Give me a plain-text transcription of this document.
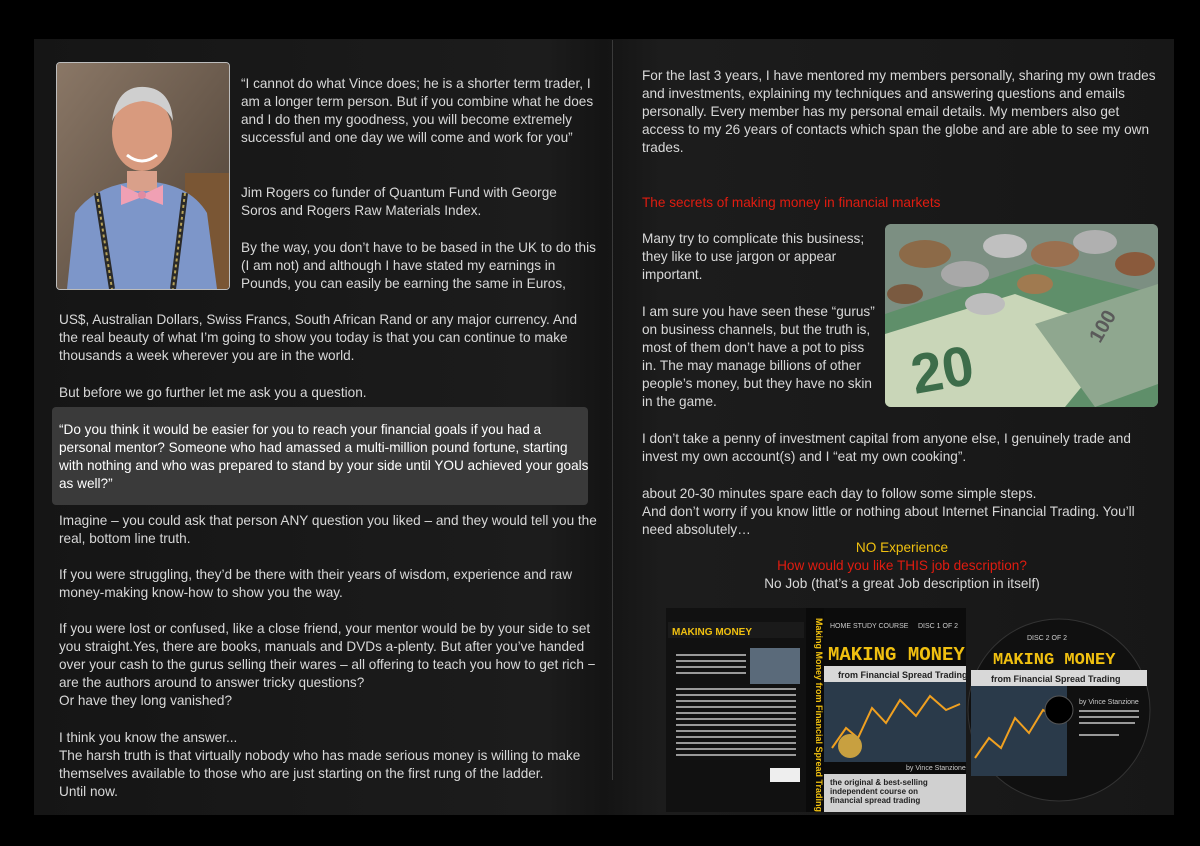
“I cannot do what Vince does; he is a shorter term trader, I am a longer term person. But if you combine what he does and I do then my goodness, you will become extremely successful and one day we will come and work for you”
Jim Rogers co funder of Quantum Fund with George Soros and Rogers Raw Materials Index.
By the way, you don’t have to be based in the UK to do this (I am not) and although I have stated my earnings in Pounds, you can easily be earning the same in Euros,
US$, Australian Dollars, Swiss Francs, South African Rand or any major currency. And the real beauty of what I’m going to show you today is that you can continue to make thousands a week wherever you are in the world.
But before we go further let me ask you a question.
“Do you think it would be easier for you to reach your financial goals if you had a personal mentor? Someone who had amassed a multi-million pound fortune, starting with nothing and who was prepared to stand by your side until YOU achieved your goals as well?”
Imagine – you could ask that person ANY question you liked – and they would tell you the real, bottom line truth.
If you were struggling, they’d be there with their years of wisdom, experience and raw money-making know-how to show you the way.
If you were lost or confused, like a close friend, your mentor would be by your side to set you straight.Yes, there are books, manuals and DVDs a-plenty. But after you’ve handed over your cash to the gurus selling their wares – all offering to teach you how to get rich − are the authors around to answer tricky questions?
Or have they long vanished?
I think you know the answer...
The harsh truth is that virtually nobody who has made serious money is willing to make themselves available to those who are just starting on the first rung of the ladder.
Until now.
For the last 3 years, I have mentored my members personally, sharing my own trades and investments, explaining my techniques and answering questions and emails personally. Every member has my personal email details. My members also get access to my 26 years of contacts which span the globe and are able to see my own trades.
The secrets of making money in financial markets
Many try to complicate this business; they like to use jargon or appear important.
I am sure you have seen these “gurus” on business channels, but the truth is, most of them don’t have a pot to piss in. The may manage billions of other people’s money, but they have no skin in the game.	20
100
I don’t take a penny of investment capital from anyone else, I genuinely trade and invest my own account(s) and I “eat my own cooking”.
about 20-30 minutes spare each day to follow some simple steps.
And don’t worry if you know little or nothing about Internet Financial Trading. You’ll need absolutely…
NO Experience
How would you like THIS job description?
No Job (that’s a great Job description in itself)
MAKING MONEY	Making Money from Financial Spread Trading HOME STUDY COURSE DISC 1 OF 2
MAKING MONEY
from Financial Spread Trading
by Vince Stanzione
the original & best-selling
independent course on
financial spread trading
DISC 2 OF 2
MAKING MONEY
from Financial Spread Trading
by Vince Stanzione
